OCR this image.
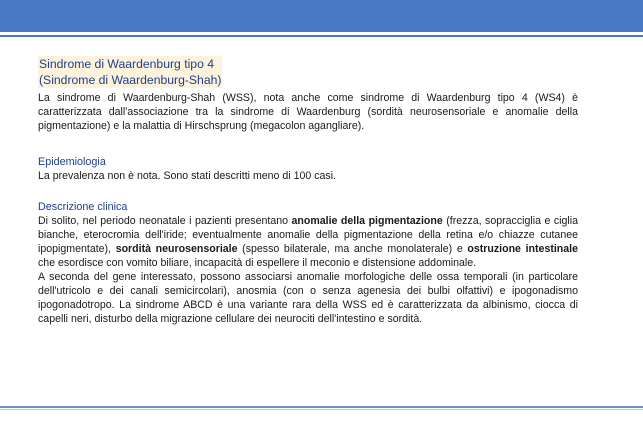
Sindrome di Waardenburg tipo 4
(Sindrome di Waardenburg-Shah)

La sindrome di Waardenburg-Shah (WSS), nota anche come sindrome di Waardenburg tipo 4 (WS4) è caratterizzata dall'associazione tra la sindrome di Waardenburg (sordità neurosensoriale e anomalie della pigmentazione) e la malattia di Hirschsprung (megacolon agangliare).

Epidemiologia

La prevalenza non è nota. Sono stati descritti meno di 100 casi.

Descrizione clinica

Di solito, nel periodo neonatale i pazienti presentano anomalie della pigmentazione (frezza, sopracciglia e ciglia bianche, eterocromia dell'iride; eventualmente anomalie della pigmentazione della retina e/o chiazze cutanee ipopigmentate), sordità neurosensoriale (spesso bilaterale, ma anche monolaterale) e ostruzione intestinale che esordisce con vomito biliare, incapacità di espellere il meconio e distensione addominale.

A seconda del gene interessato, possono associarsi anomalie morfologiche delle ossa temporali (in particolare dell'utricolo e dei canali semicircolari), anosmia (con o senza agenesia dei bulbi olfattivi) e ipogonadismo ipogonadotropo. La sindrome ABCD è una variante rara della WSS ed è caratterizzata da albinismo, ciocca di capelli neri, disturbo della migrazione cellulare dei neurociti dell'intestino e sordità.
